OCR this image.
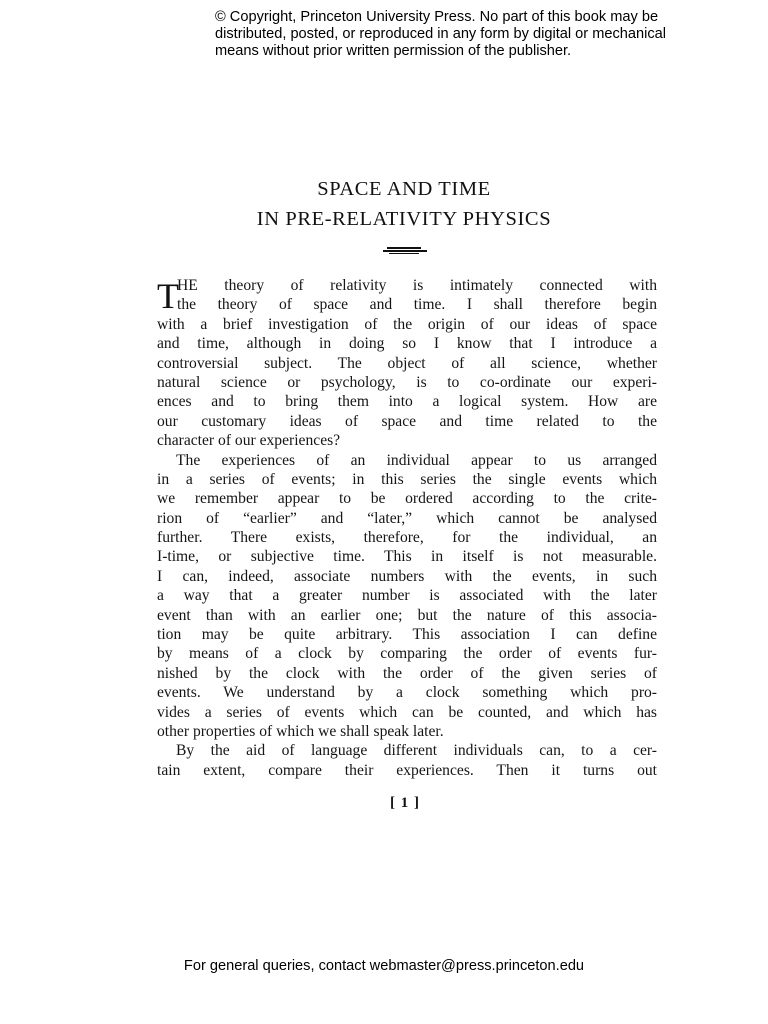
© Copyright, Princeton University Press. No part of this book may be
distributed, posted, or reproduced in any form by digital or mechanical
means without prior written permission of the publisher.
SPACE AND TIME
IN PRE-RELATIVITY PHYSICS
T
HE theory of relativity is intimately connected with
the theory of space and time. I shall therefore begin
with a brief investigation of the origin of our ideas of space
and time, although in doing so I know that I introduce a
controversial subject. The object of all science, whether
natural science or psychology, is to co-ordinate our experi-
ences and to bring them into a logical system. How are
our customary ideas of space and time related to the
character of our experiences?
The experiences of an individual appear to us arranged
in a series of events; in this series the single events which
we remember appear to be ordered according to the crite-
rion of “earlier” and “later,” which cannot be analysed
further. There exists, therefore, for the individual, an
I-time, or subjective time. This in itself is not measurable.
I can, indeed, associate numbers with the events, in such
a way that a greater number is associated with the later
event than with an earlier one; but the nature of this associa-
tion may be quite arbitrary. This association I can define
by means of a clock by comparing the order of events fur-
nished by the clock with the order of the given series of
events. We understand by a clock something which pro-
vides a series of events which can be counted, and which has
other properties of which we shall speak later.
By the aid of language different individuals can, to a cer-
tain extent, compare their experiences. Then it turns out
[ 1 ]
For general queries, contact webmaster@press.princeton.edu
